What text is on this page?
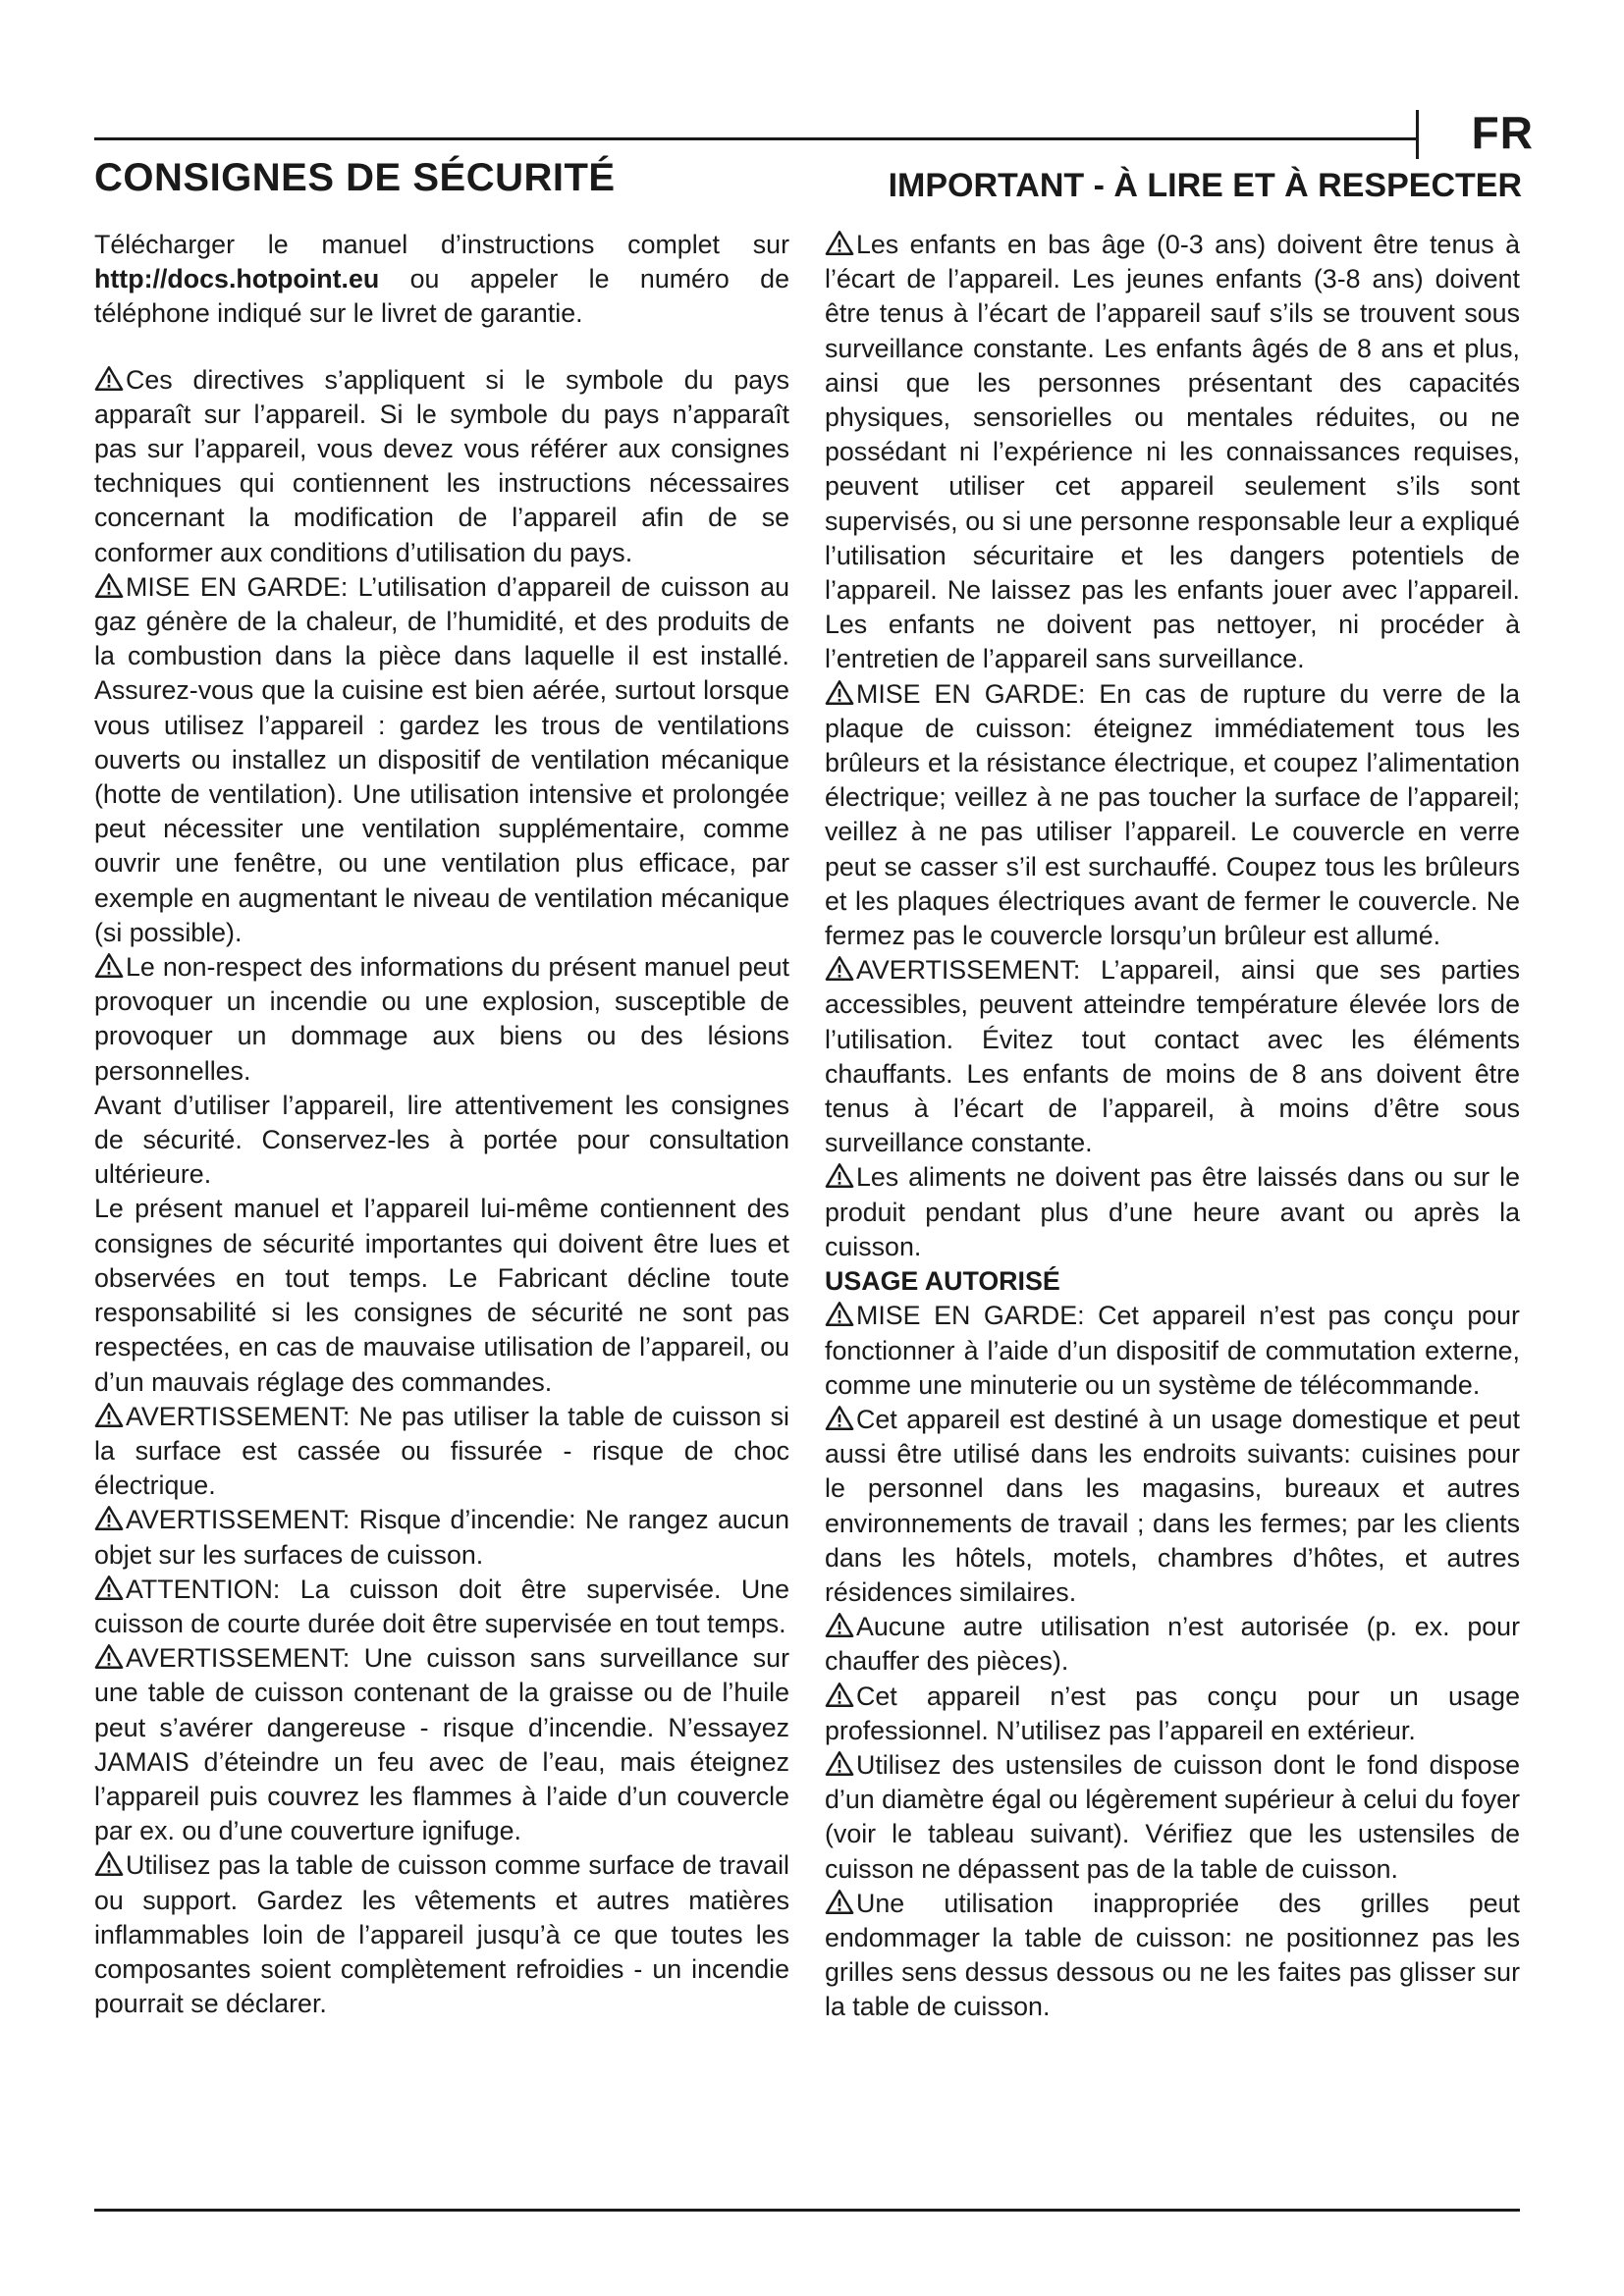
FR
CONSIGNES DE SÉCURITÉ	IMPORTANT - À LIRE ET À RESPECTER

Télécharger le manuel d’instructions complet sur http://docs.hotpoint.eu ou appeler le numéro de téléphone indiqué sur le livret de garantie.

Ces directives s’appliquent si le symbole du pays apparaît sur l’appareil. Si le symbole du pays n’apparaît pas sur l’appareil, vous devez vous référer aux consignes techniques qui contiennent les instructions nécessaires concernant la modification de l’appareil afin de se conformer aux conditions d’utilisation du pays.

MISE EN GARDE: L’utilisation d’appareil de cuisson au gaz génère de la chaleur, de l’humidité, et des produits de la combustion dans la pièce dans laquelle il est installé. Assurez-vous que la cuisine est bien aérée, surtout lorsque vous utilisez l’appareil : gardez les trous de ventilations ouverts ou installez un dispositif de ventilation mécanique (hotte de ventilation). Une utilisation intensive et prolongée peut nécessiter une ventilation supplémentaire, comme ouvrir une fenêtre, ou une ventilation plus efficace, par exemple en augmentant le niveau de ventilation mécanique (si possible).

Le non-respect des informations du présent manuel peut provoquer un incendie ou une explosion, susceptible de provoquer un dommage aux biens ou des lésions personnelles.

Avant d’utiliser l’appareil, lire attentivement les consignes de sécurité. Conservez-les à portée pour consultation ultérieure.

Le présent manuel et l’appareil lui-même contiennent des consignes de sécurité importantes qui doivent être lues et observées en tout temps. Le Fabricant décline toute responsabilité si les consignes de sécurité ne sont pas respectées, en cas de mauvaise utilisation de l’appareil, ou d’un mauvais réglage des commandes.

AVERTISSEMENT: Ne pas utiliser la table de cuisson si la surface est cassée ou fissurée - risque de choc électrique.

AVERTISSEMENT: Risque d’incendie: Ne rangez aucun objet sur les surfaces de cuisson.

ATTENTION: La cuisson doit être supervisée. Une cuisson de courte durée doit être supervisée en tout temps.

AVERTISSEMENT: Une cuisson sans surveillance sur une table de cuisson contenant de la graisse ou de l’huile peut s’avérer dangereuse - risque d’incendie. N’essayez JAMAIS d’éteindre un feu avec de l’eau, mais éteignez l’appareil puis couvrez les flammes à l’aide d’un couvercle par ex. ou d’une couverture ignifuge.

Utilisez pas la table de cuisson comme surface de travail ou support. Gardez les vêtements et autres matières inflammables loin de l’appareil jusqu’à ce que toutes les composantes soient complètement refroidies - un incendie pourrait se déclarer.

Les enfants en bas âge (0-3 ans) doivent être tenus à l’écart de l’appareil. Les jeunes enfants (3-8 ans) doivent être tenus à l’écart de l’appareil sauf s’ils se trouvent sous surveillance constante. Les enfants âgés de 8 ans et plus, ainsi que les personnes présentant des capacités physiques, sensorielles ou mentales réduites, ou ne possédant ni l’expérience ni les connaissances requises, peuvent utiliser cet appareil seulement s’ils sont supervisés, ou si une personne responsable leur a expliqué l’utilisation sécuritaire et les dangers potentiels de l’appareil. Ne laissez pas les enfants jouer avec l’appareil. Les enfants ne doivent pas nettoyer, ni procéder à l’entretien de l’appareil sans surveillance.

MISE EN GARDE: En cas de rupture du verre de la plaque de cuisson: éteignez immédiatement tous les brûleurs et la résistance électrique, et coupez l’alimentation électrique; veillez à ne pas toucher la surface de l’appareil; veillez à ne pas utiliser l’appareil. Le couvercle en verre peut se casser s’il est surchauffé. Coupez tous les brûleurs et les plaques électriques avant de fermer le couvercle. Ne fermez pas le couvercle lorsqu’un brûleur est allumé.

AVERTISSEMENT: L’appareil, ainsi que ses parties accessibles, peuvent atteindre température élevée lors de l’utilisation. Évitez tout contact avec les éléments chauffants. Les enfants de moins de 8 ans doivent être tenus à l’écart de l’appareil, à moins d’être sous surveillance constante.

Les aliments ne doivent pas être laissés dans ou sur le produit pendant plus d’une heure avant ou après la cuisson.

USAGE AUTORISÉ

MISE EN GARDE: Cet appareil n’est pas conçu pour fonctionner à l’aide d’un dispositif de commutation externe, comme une minuterie ou un système de télécommande.

Cet appareil est destiné à un usage domestique et peut aussi être utilisé dans les endroits suivants: cuisines pour le personnel dans les magasins, bureaux et autres environnements de travail ; dans les fermes; par les clients dans les hôtels, motels, chambres d’hôtes, et autres résidences similaires.

Aucune autre utilisation n’est autorisée (p. ex. pour chauffer des pièces).

Cet appareil n’est pas conçu pour un usage professionnel. N’utilisez pas l’appareil en extérieur.

Utilisez des ustensiles de cuisson dont le fond dispose d’un diamètre égal ou légèrement supérieur à celui du foyer (voir le tableau suivant). Vérifiez que les ustensiles de cuisson ne dépassent pas de la table de cuisson.

Une utilisation inappropriée des grilles peut endommager la table de cuisson: ne positionnez pas les grilles sens dessus dessous ou ne les faites pas glisser sur la table de cuisson.
